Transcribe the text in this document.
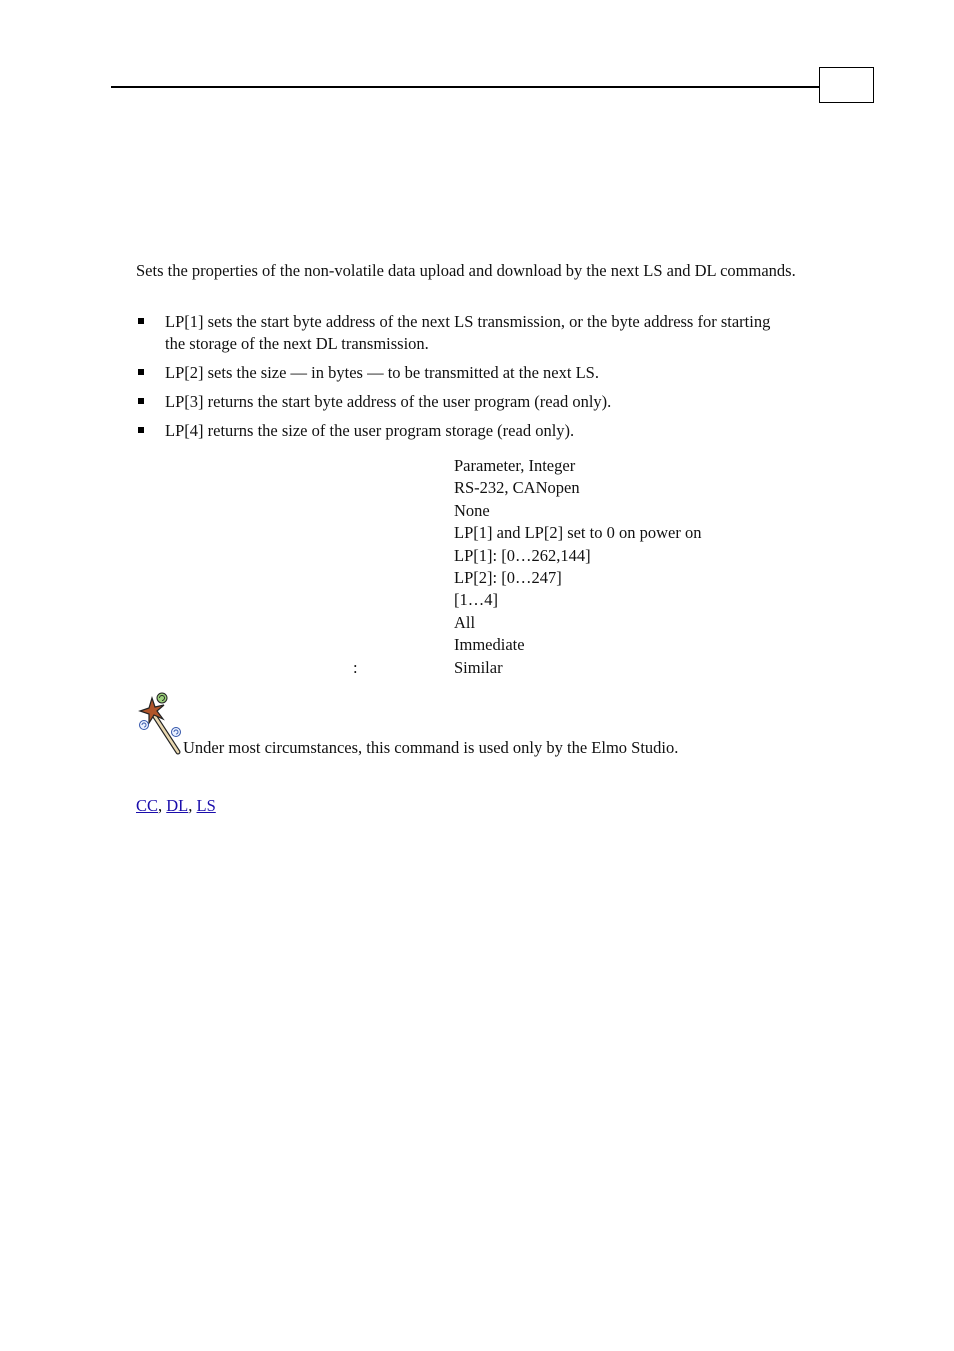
Sets the properties of the non-volatile data upload and download by the next LS and DL commands.

LP[1] sets the start byte address of the next LS transmission, or the byte address for starting the storage of the next DL transmission.
LP[2] sets the size — in bytes — to be transmitted at the next LS.
LP[3] returns the start byte address of the user program (read only).
LP[4] returns the size of the user program storage (read only).
Parameter, Integer
RS-232, CANopen
None
LP[1] and LP[2] set to 0 on power on
LP[1]: [0…262,144]
LP[2]: [0…247]
[1…4]
All
Immediate
:	Similar
Under most circumstances, this command is used only by the Elmo Studio.
CC, DL, LS
